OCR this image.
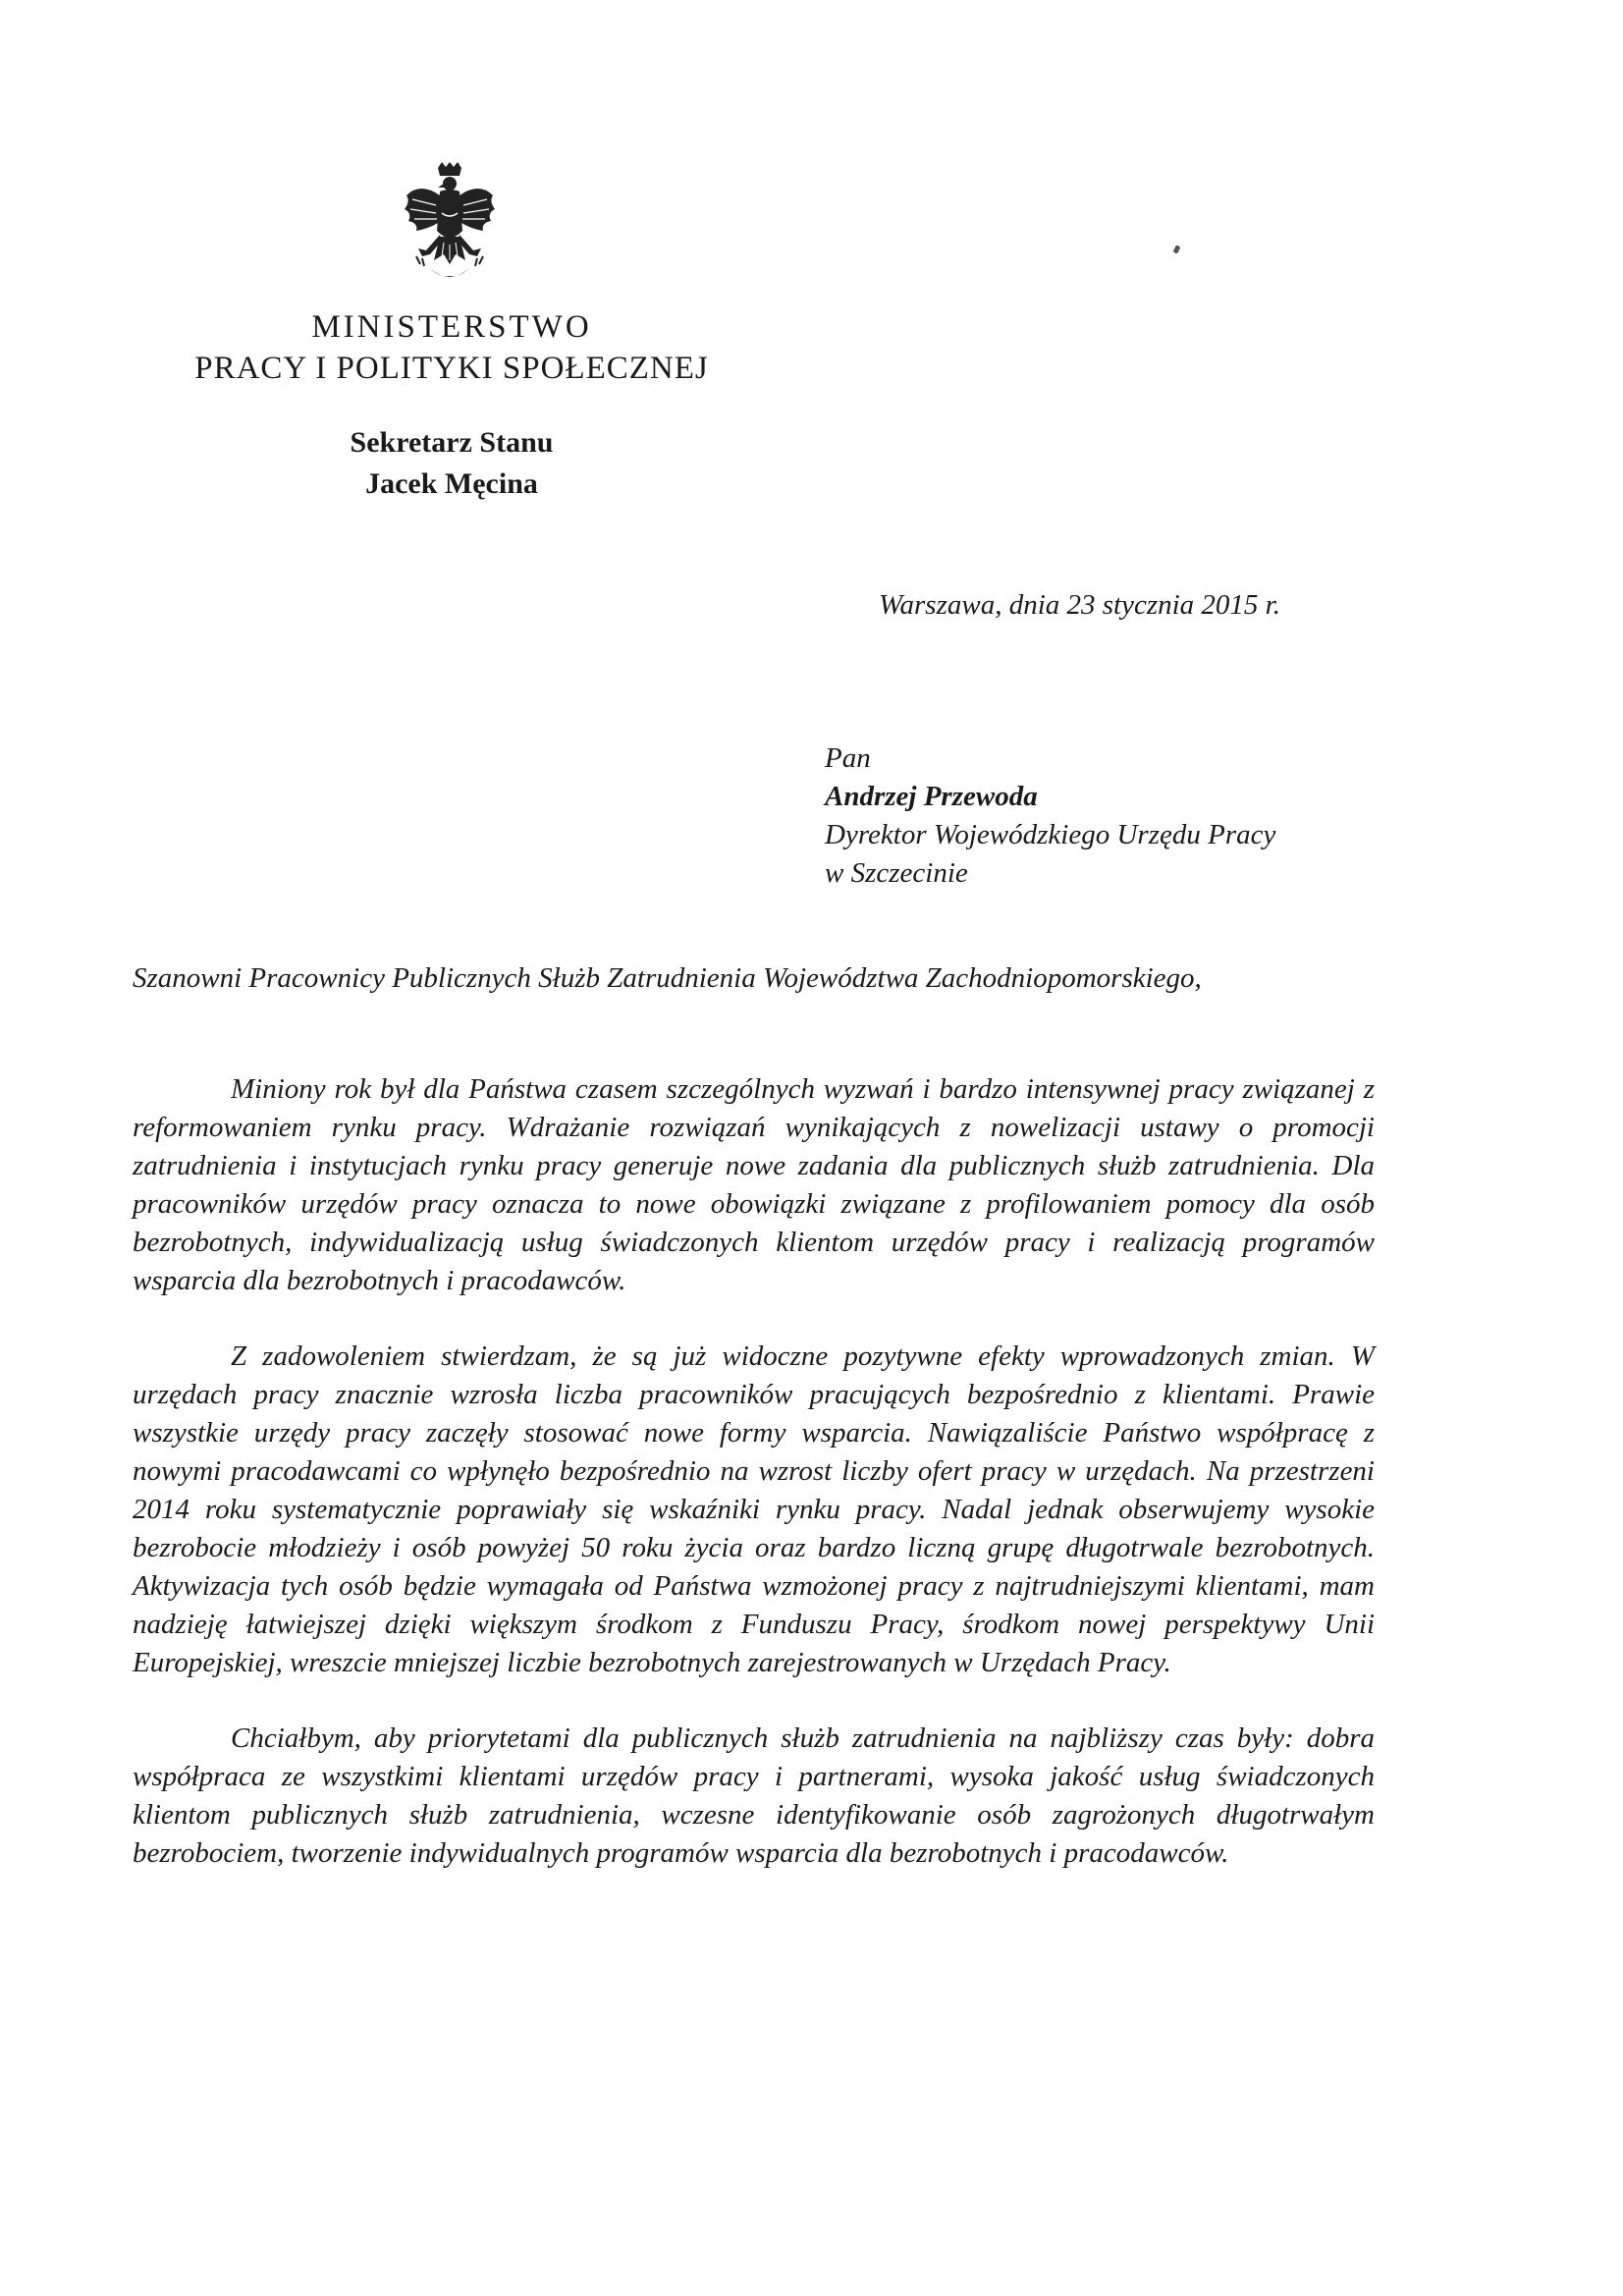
MINISTERSTWO
PRACY I POLITYKI SPOŁECZNEJ
Sekretarz Stanu
Jacek Męcina
Warszawa, dnia 23 stycznia 2015 r.
Pan
Andrzej Przewoda
Dyrektor Wojewódzkiego Urzędu Pracy
w Szczecinie
Szanowni Pracownicy Publicznych Służb Zatrudnienia Województwa Zachodniopomorskiego,

Miniony rok był dla Państwa czasem szczególnych wyzwań i bardzo intensywnej pracy związanej z reformowaniem rynku pracy. Wdrażanie rozwiązań wynikających z nowelizacji ustawy o promocji zatrudnienia i instytucjach rynku pracy generuje nowe zadania dla publicznych służb zatrudnienia. Dla pracowników urzędów pracy oznacza to nowe obowiązki związane z profilowaniem pomocy dla osób bezrobotnych, indywidualizacją usług świadczonych klientom urzędów pracy i realizacją programów wsparcia dla bezrobotnych i pracodawców.

Z zadowoleniem stwierdzam, że są już widoczne pozytywne efekty wprowadzonych zmian. W urzędach pracy znacznie wzrosła liczba pracowników pracujących bezpośrednio z klientami. Prawie wszystkie urzędy pracy zaczęły stosować nowe formy wsparcia. Nawiązaliście Państwo współpracę z nowymi pracodawcami co wpłynęło bezpośrednio na wzrost liczby ofert pracy w urzędach. Na przestrzeni 2014 roku systematycznie poprawiały się wskaźniki rynku pracy. Nadal jednak obserwujemy wysokie bezrobocie młodzieży i osób powyżej 50 roku życia oraz bardzo liczną grupę długotrwale bezrobotnych. Aktywizacja tych osób będzie wymagała od Państwa wzmożonej pracy z najtrudniejszymi klientami, mam nadzieję łatwiejszej dzięki większym środkom z Funduszu Pracy, środkom nowej perspektywy Unii Europejskiej, wreszcie mniejszej liczbie bezrobotnych zarejestrowanych w Urzędach Pracy.

Chciałbym, aby priorytetami dla publicznych służb zatrudnienia na najbliższy czas były: dobra współpraca ze wszystkimi klientami urzędów pracy i partnerami, wysoka jakość usług świadczonych klientom publicznych służb zatrudnienia, wczesne identyfikowanie osób zagrożonych długotrwałym bezrobociem, tworzenie indywidualnych programów wsparcia dla bezrobotnych i pracodawców.
